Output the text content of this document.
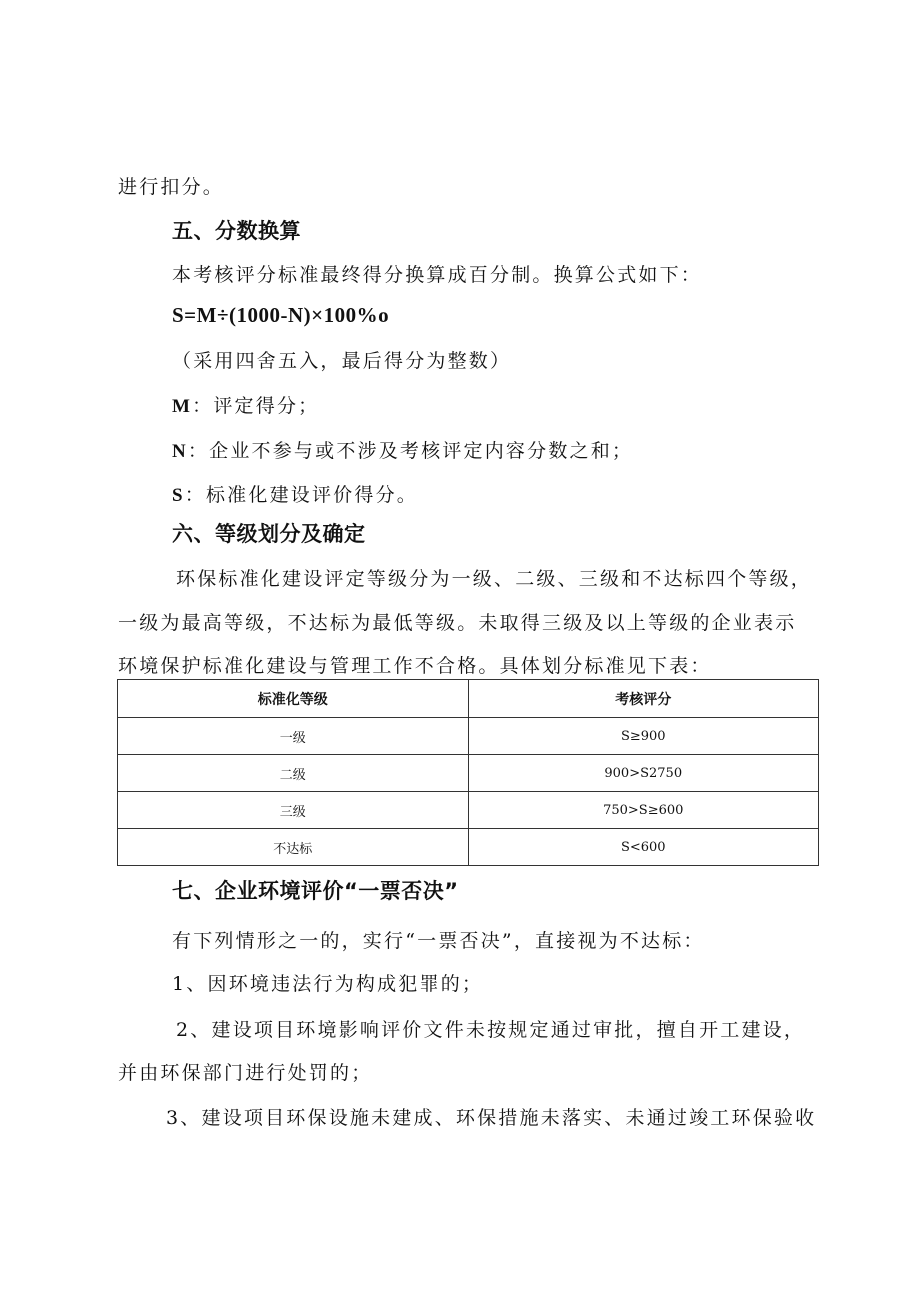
进行扣分。
五、分数换算
本考核评分标准最终得分换算成百分制。换算公式如下：
S=M÷(1000-N)×100%o
（采用四舍五入，最后得分为整数）
M：评定得分；
N：企业不参与或不涉及考核评定内容分数之和；
S：标准化建设评价得分。
六、等级划分及确定
环保标准化建设评定等级分为一级、二级、三级和不达标四个等级，
一级为最高等级，不达标为最低等级。未取得三级及以上等级的企业表示
环境保护标准化建设与管理工作不合格。具体划分标准见下表：
标准化等级	考核评分
一级	S≥900
二级	900>S2750
三级	750>S≥600
不达标	S<600
七、企业环境评价“一票否决”
有下列情形之一的，实行“一票否决”，直接视为不达标：
1、因环境违法行为构成犯罪的；
2、建设项目环境影响评价文件未按规定通过审批，擅自开工建设，
并由环保部门进行处罚的；
3、建设项目环保设施未建成、环保措施未落实、未通过竣工环保验收
